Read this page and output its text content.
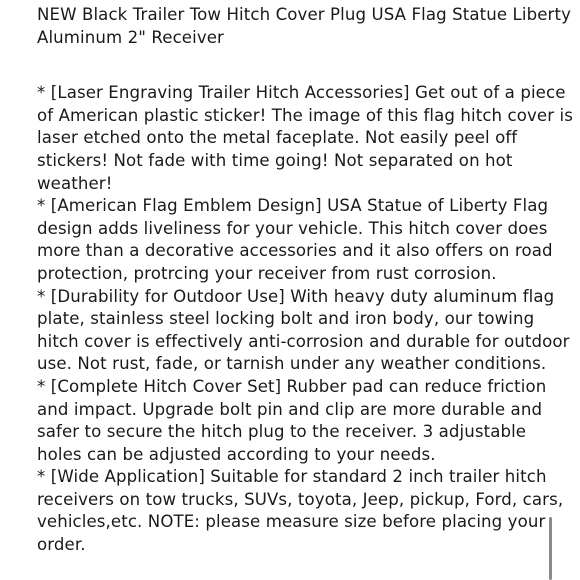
NEW Black Trailer Tow Hitch Cover Plug USA Flag Statue Liberty Aluminum 2" Receiver

* [Laser Engraving Trailer Hitch Accessories] Get out of a piece of American plastic sticker! The image of this flag hitch cover is laser etched onto the metal faceplate. Not easily peel off stickers! Not fade with time going! Not separated on hot weather!

* [American Flag Emblem Design] USA Statue of Liberty Flag design adds liveliness for your vehicle. This hitch cover does more than a decorative accessories and it also offers on road protection, protrcing your receiver from rust corrosion.

* [Durability for Outdoor Use] With heavy duty aluminum flag plate, stainless steel locking bolt and iron body, our towing hitch cover is effectively anti-corrosion and durable for outdoor use. Not rust, fade, or tarnish under any weather conditions.

* [Complete Hitch Cover Set] Rubber pad can reduce friction and impact. Upgrade bolt pin and clip are more durable and safer to secure the hitch plug to the receiver. 3 adjustable holes can be adjusted according to your needs.

* [Wide Application] Suitable for standard 2 inch trailer hitch receivers on tow trucks, SUVs, toyota, Jeep, pickup, Ford, cars, vehicles,etc. NOTE: please measure size before placing your order.
